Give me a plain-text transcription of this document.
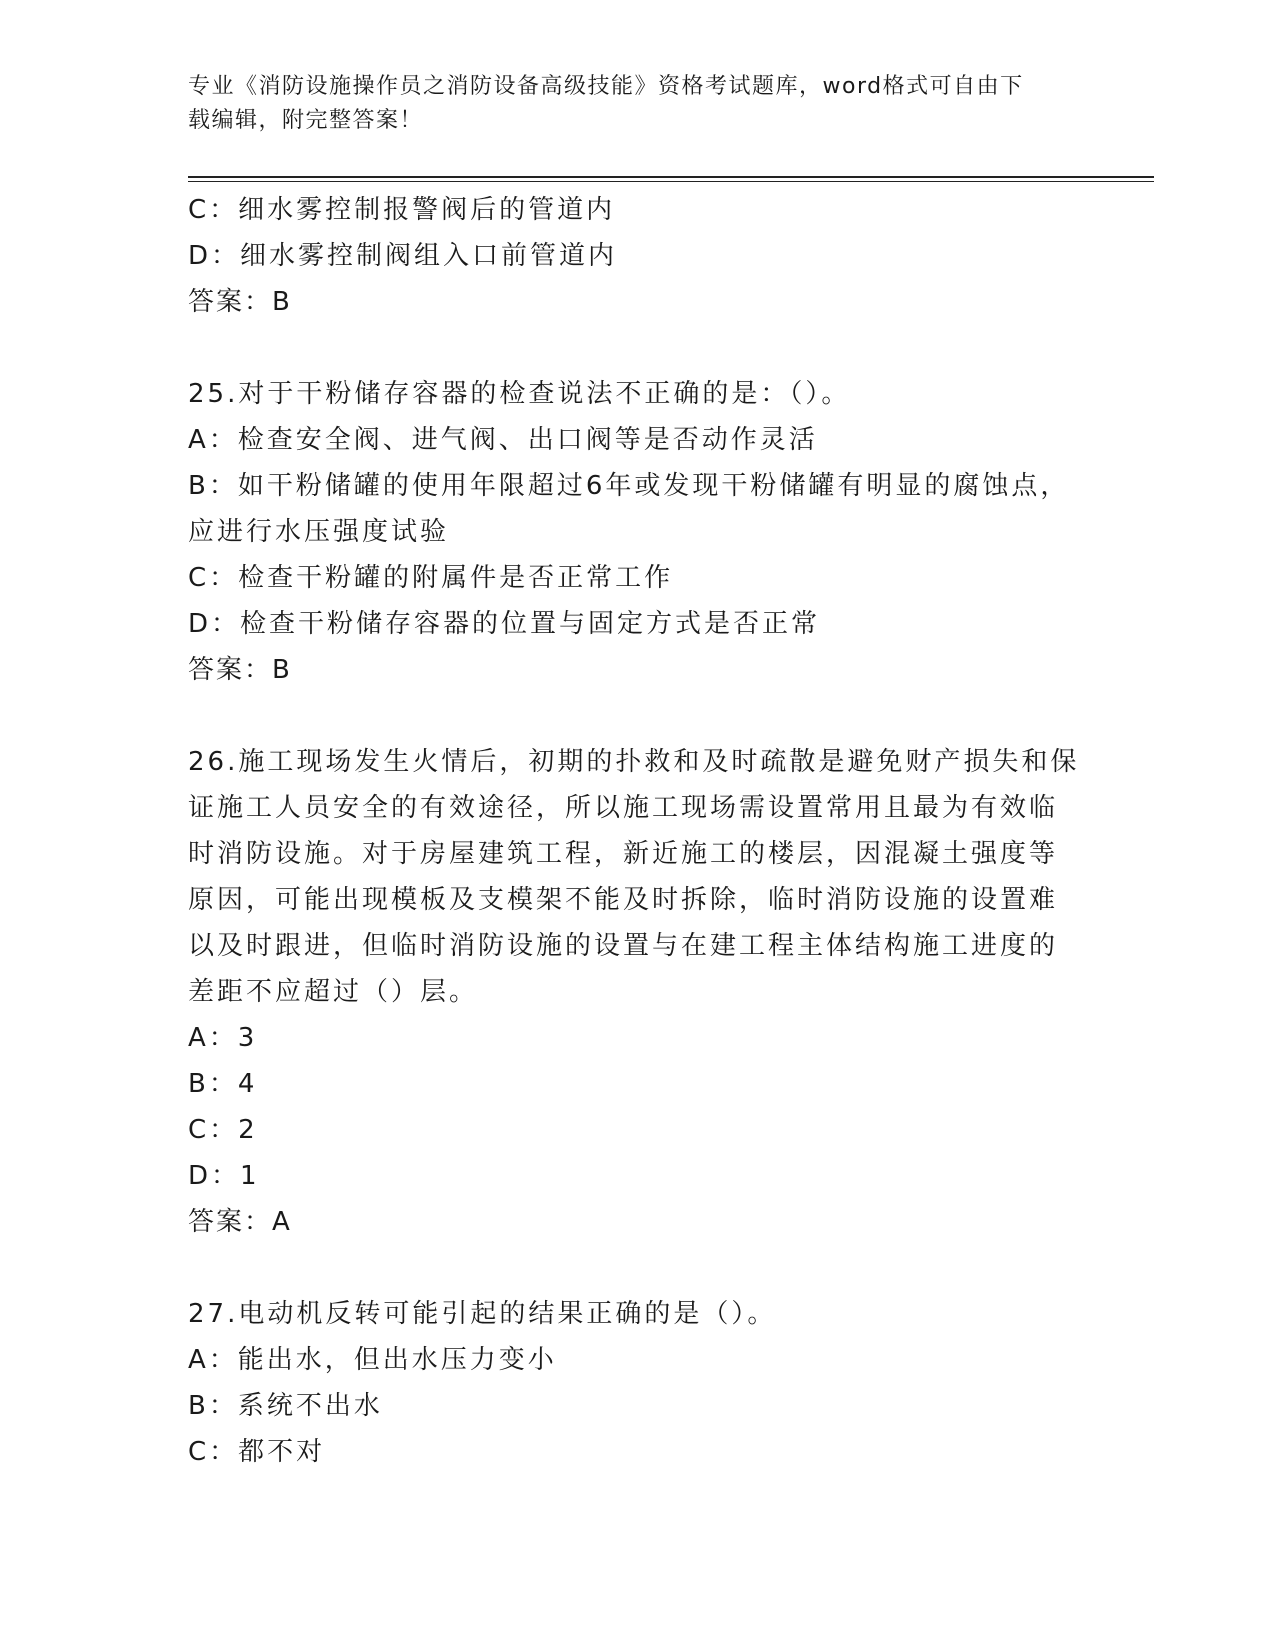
专业《消防设施操作员之消防设备高级技能》资格考试题库，word格式可自由下
载编辑，附完整答案！
C：细水雾控制报警阀后的管道内
D：细水雾控制阀组入口前管道内
答案：B
25.对于干粉储存容器的检查说法不正确的是：（）。
A：检查安全阀、进气阀、出口阀等是否动作灵活
B：如干粉储罐的使用年限超过6年或发现干粉储罐有明显的腐蚀点，
应进行水压强度试验
C：检查干粉罐的附属件是否正常工作
D：检查干粉储存容器的位置与固定方式是否正常
答案：B
26.施工现场发生火情后，初期的扑救和及时疏散是避免财产损失和保
证施工人员安全的有效途径，所以施工现场需设置常用且最为有效临
时消防设施。对于房屋建筑工程，新近施工的楼层，因混凝土强度等
原因，可能出现模板及支模架不能及时拆除，临时消防设施的设置难
以及时跟进，但临时消防设施的设置与在建工程主体结构施工进度的
差距不应超过（）层。
A：3
B：4
C：2
D：1
答案：A
27.电动机反转可能引起的结果正确的是（）。
A：能出水，但出水压力变小
B：系统不出水
C：都不对
